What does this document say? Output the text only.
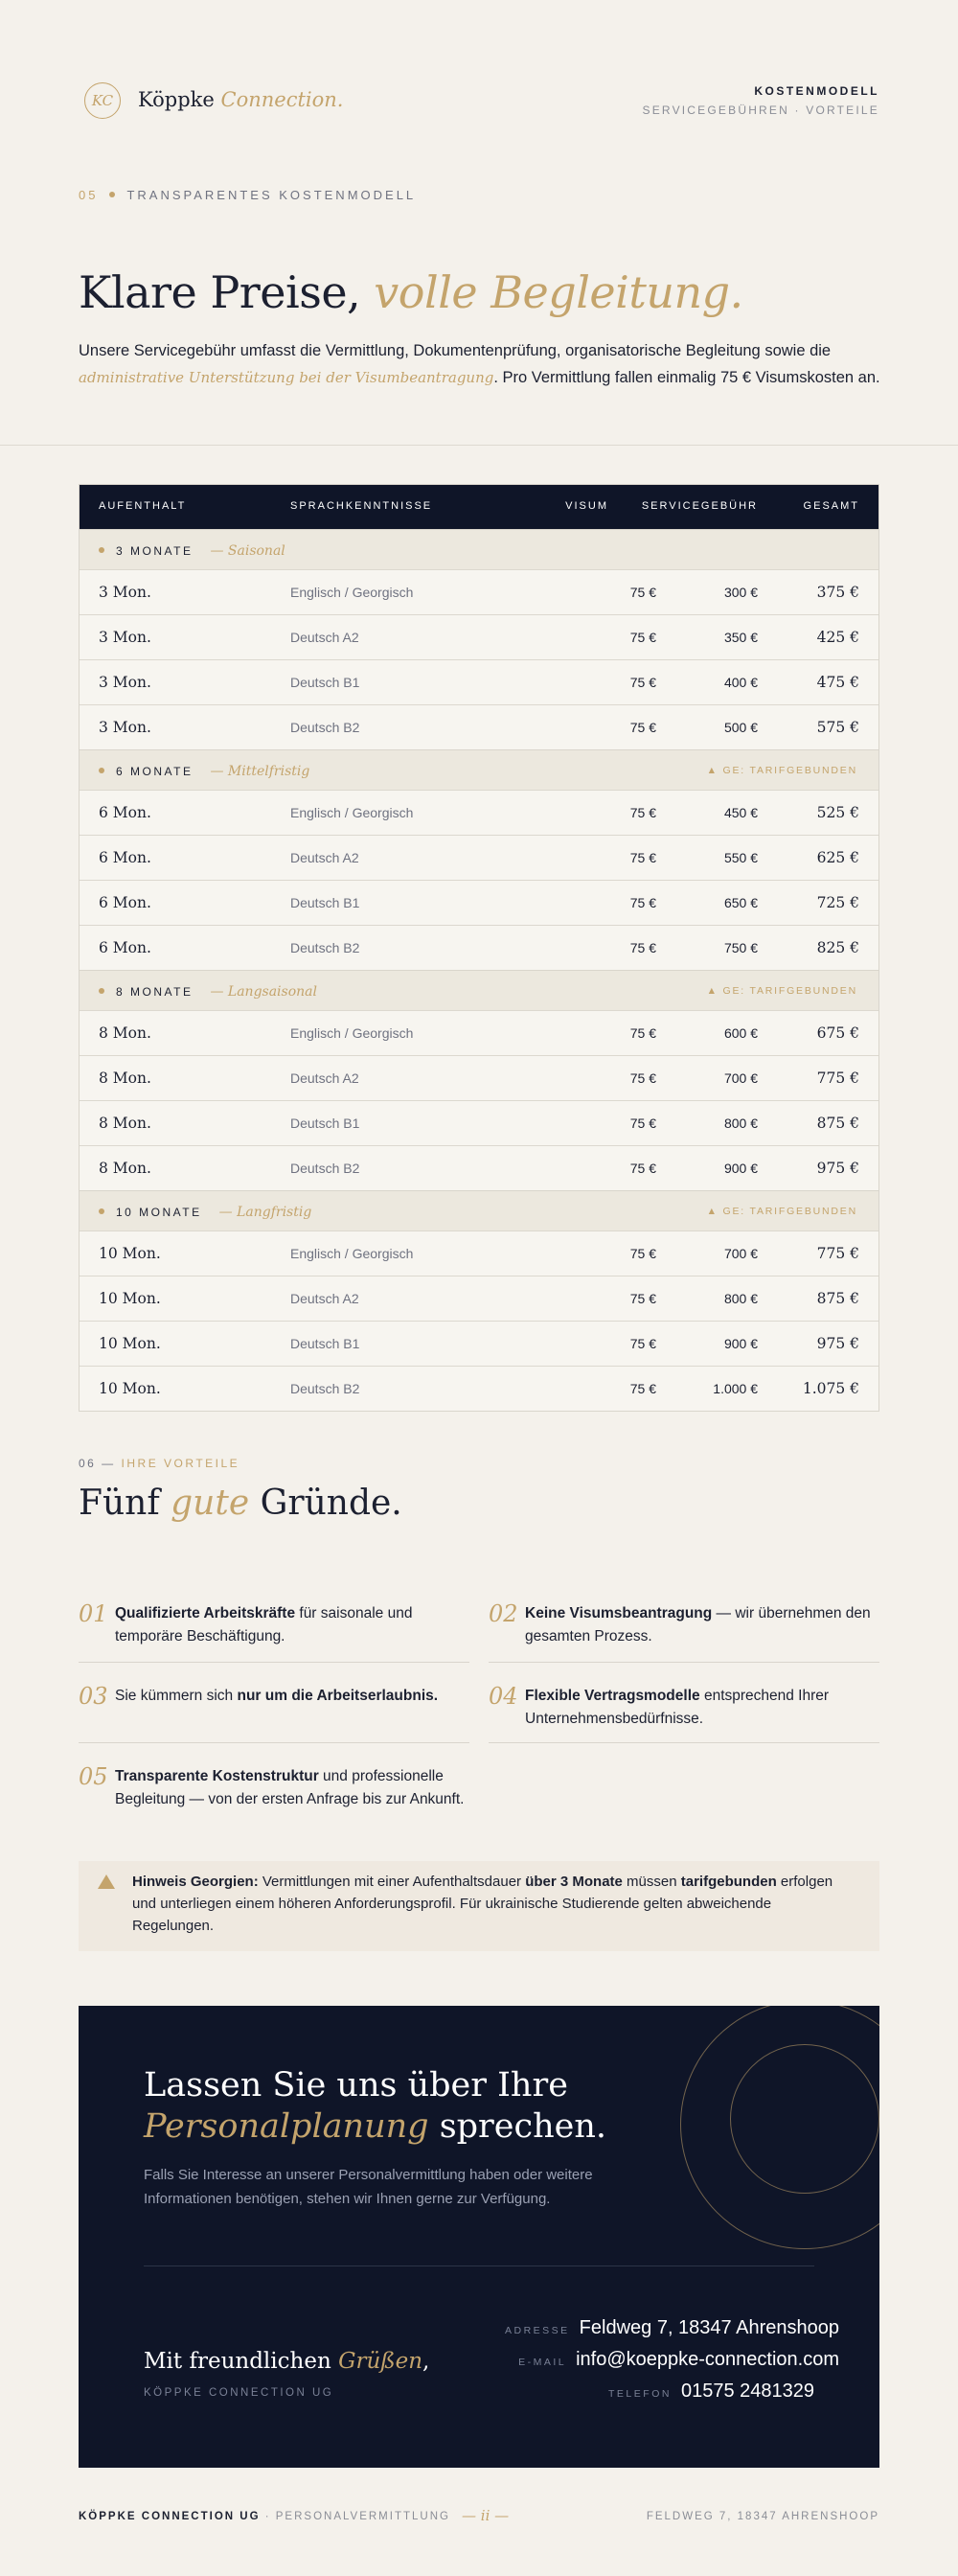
KC	Köppke Connection.	KOSTENMODELL
SERVICEGEBÜHREN · VORTEILE
05 TRANSPARENTES KOSTENMODELL
Klare Preise, volle Begleitung.

Unsere Servicegebühr umfasst die Vermittlung, Dokumentenprüfung, organisatorische Begleitung sowie die administrative Unterstützung bei der Visumbeantragung. Pro Vermittlung fallen einmalig 75 € Visumskosten an.

AUFENTHALT	SPRACHKENNTNISSE	VISUM	SERVICEGEBÜHR	GESAMT
3 MONATE — Saisonal
3 Mon.	Englisch / Georgisch	75 €	300 €	375 €
3 Mon.	Deutsch A2	75 €	350 €	425 €
3 Mon.	Deutsch B1	75 €	400 €	475 €
3 Mon.	Deutsch B2	75 €	500 €	575 €
6 MONATE — Mittelfristig	▲ GE: TARIFGEBUNDEN
6 Mon.	Englisch / Georgisch	75 €	450 €	525 €
6 Mon.	Deutsch A2	75 €	550 €	625 €
6 Mon.	Deutsch B1	75 €	650 €	725 €
6 Mon.	Deutsch B2	75 €	750 €	825 €
8 MONATE — Langsaisonal	▲ GE: TARIFGEBUNDEN
8 Mon.	Englisch / Georgisch	75 €	600 €	675 €
8 Mon.	Deutsch A2	75 €	700 €	775 €
8 Mon.	Deutsch B1	75 €	800 €	875 €
8 Mon.	Deutsch B2	75 €	900 €	975 €
10 MONATE — Langfristig	▲ GE: TARIFGEBUNDEN
10 Mon.	Englisch / Georgisch	75 €	700 €	775 €
10 Mon.	Deutsch A2	75 €	800 €	875 €
10 Mon.	Deutsch B1	75 €	900 €	975 €
10 Mon.	Deutsch B2	75 €	1.000 €	1.075 €
06 — IHRE VORTEILE
Fünf gute Gründe.
01 Qualifizierte Arbeitskräfte für saisonale und temporäre Beschäftigung.
02 Keine Visumsbeantragung — wir übernehmen den gesamten Prozess.
03 Sie kümmern sich nur um die Arbeitserlaubnis.	04 Flexible Vertragsmodelle entsprechend Ihrer Unternehmensbedürfnisse.
05 Transparente Kostenstruktur und professionelle Begleitung — von der ersten Anfrage bis zur Ankunft.
Hinweis Georgien: Vermittlungen mit einer Aufenthaltsdauer über 3 Monate müssen tarifgebunden erfolgen und unterliegen einem höheren Anforderungsprofil. Für ukrainische Studierende gelten abweichende Regelungen.
Lassen Sie uns über Ihre
Personalplanung sprechen.

Falls Sie Interesse an unserer Personalvermittlung haben oder weitere Informationen benötigen, stehen wir Ihnen gerne zur Verfügung.

ADRESSE Feldweg 7, 18347 Ahrenshoop
E-MAIL info@koeppke-connection.com
TELEFON 01575 2481329
Mit freundlichen Grüßen,
KÖPPKE CONNECTION UG
KÖPPKE CONNECTION UG · PERSONALVERMITTLUNG — ii —	FELDWEG 7, 18347 AHRENSHOOP
